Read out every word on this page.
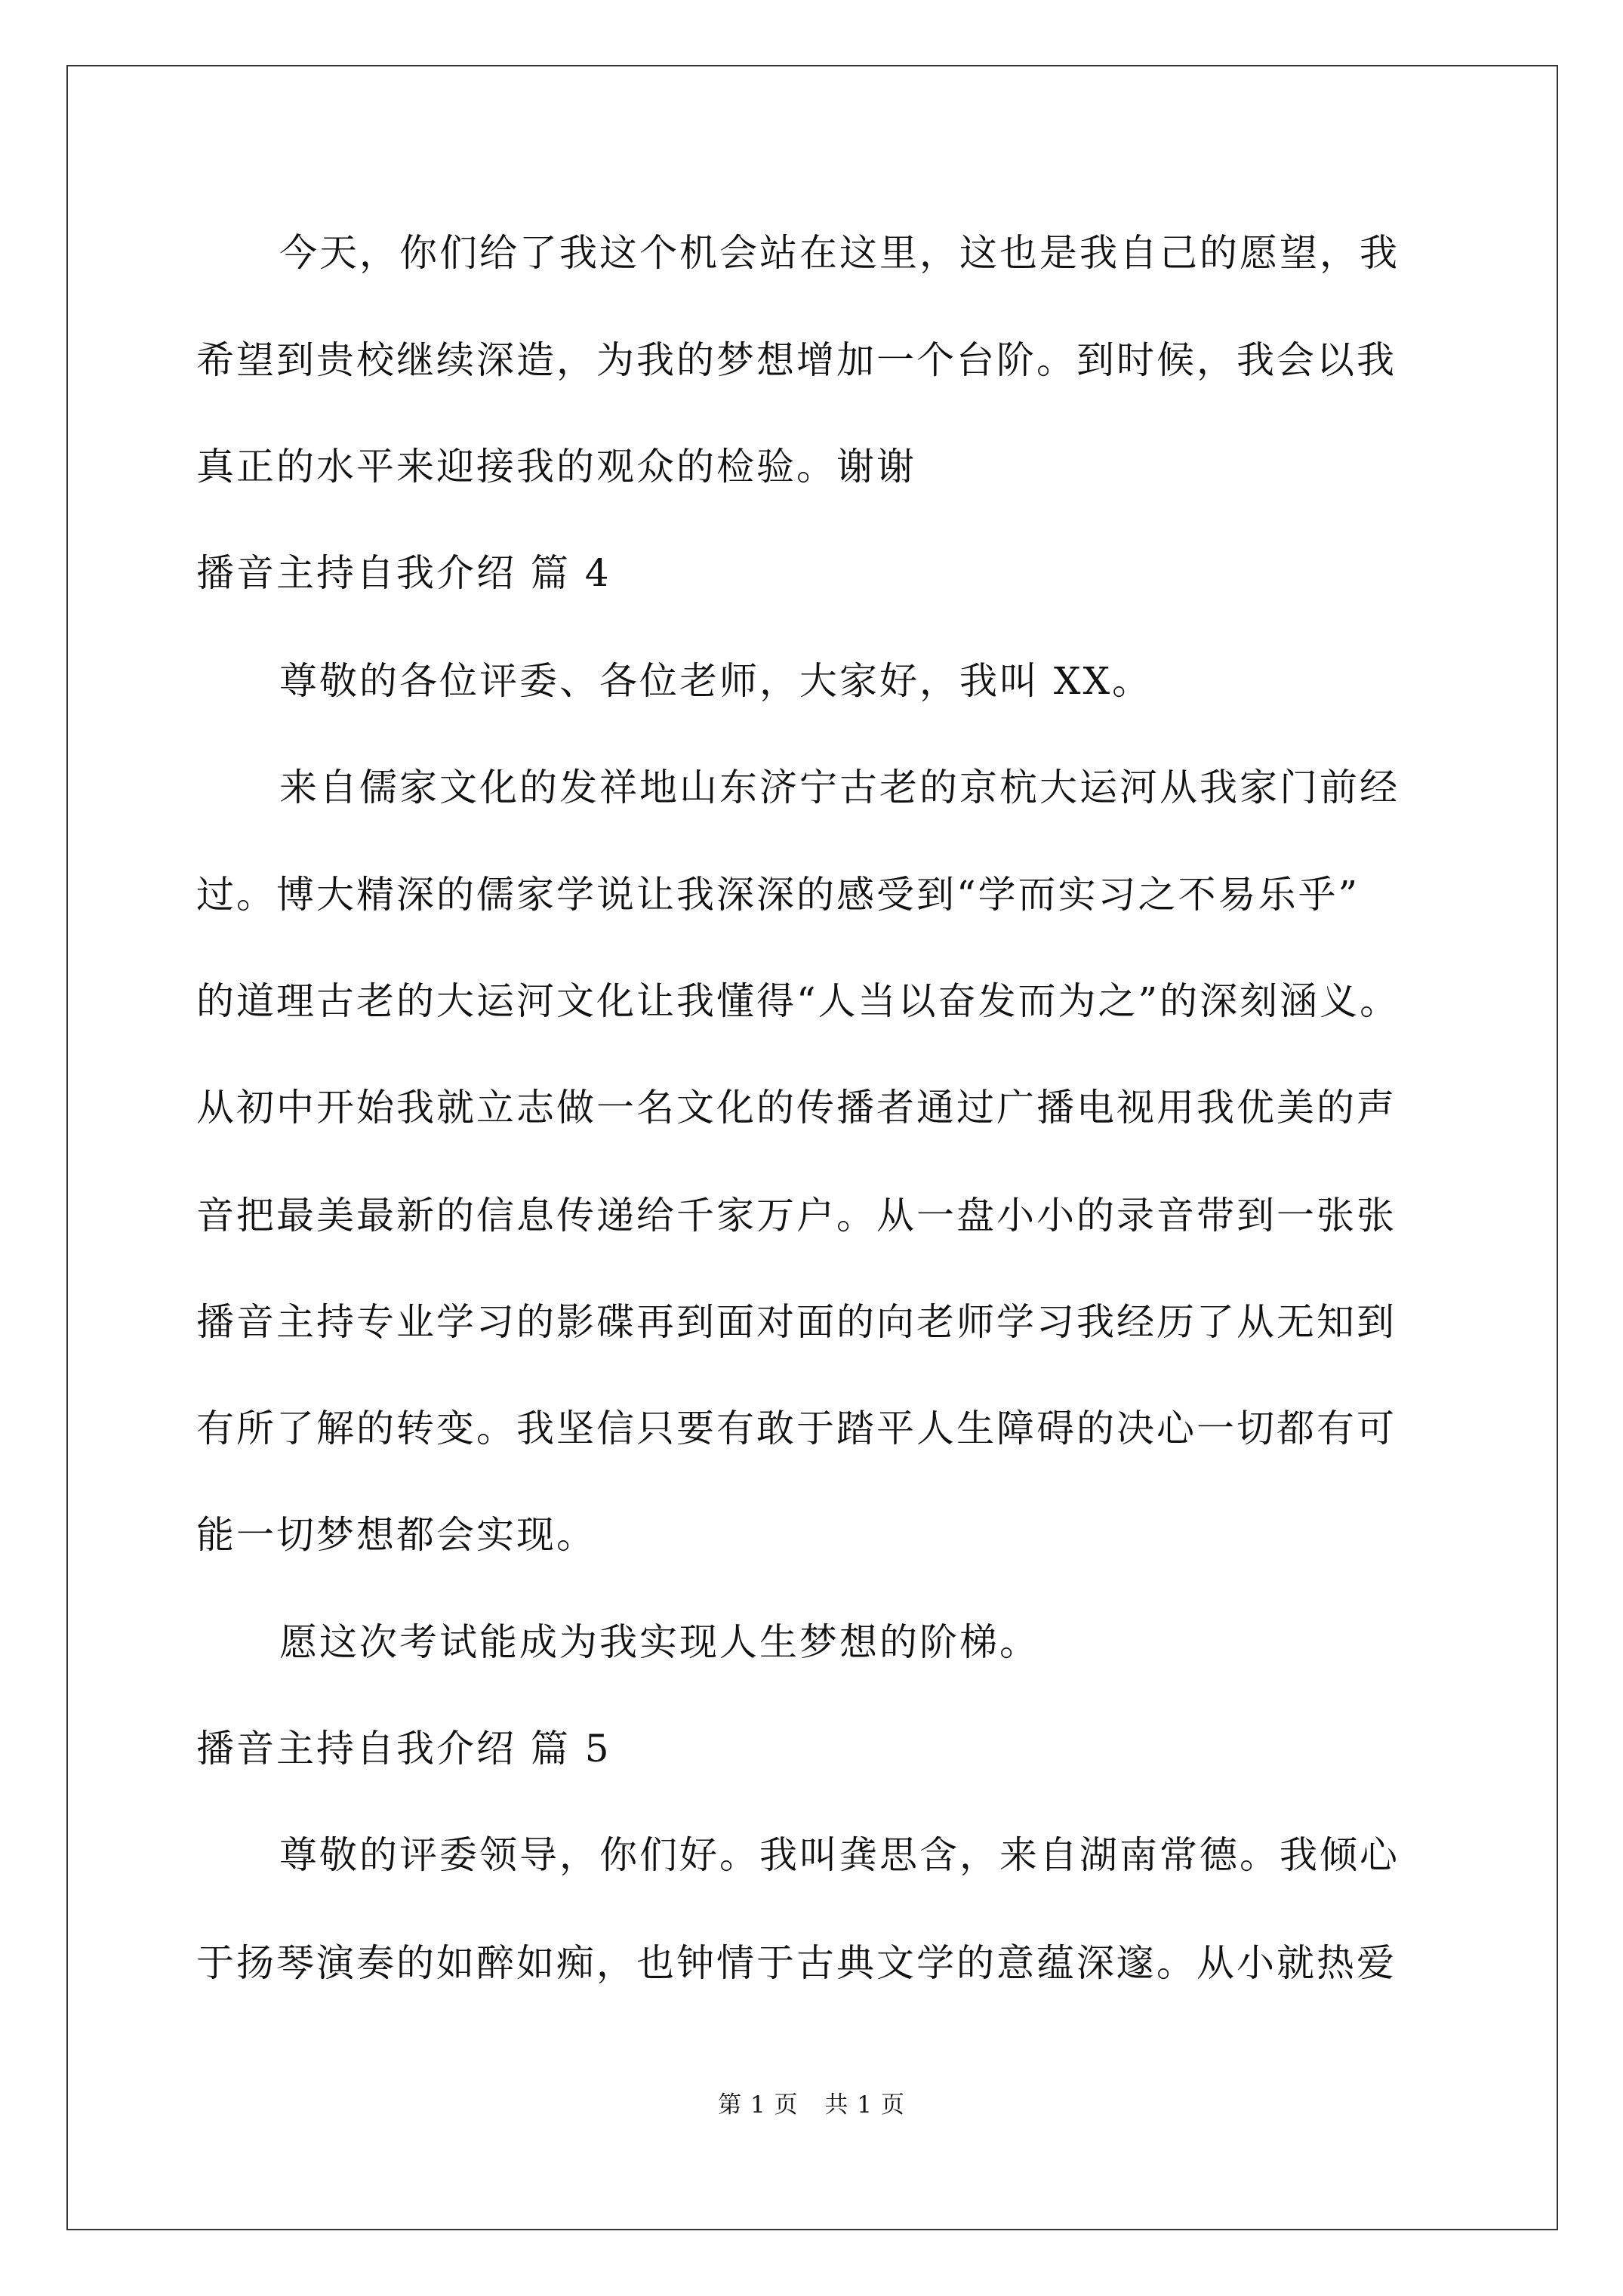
今天，你们给了我这个机会站在这里，这也是我自己的愿望，我
希望到贵校继续深造，为我的梦想增加一个台阶。到时候，我会以我
真正的水平来迎接我的观众的检验。谢谢
播音主持自我介绍 篇 4
尊敬的各位评委、各位老师，大家好，我叫 XX。
来自儒家文化的发祥地山东济宁古老的京杭大运河从我家门前经
过。博大精深的儒家学说让我深深的感受到“学而实习之不易乐乎”
的道理古老的大运河文化让我懂得“人当以奋发而为之”的深刻涵义。
从初中开始我就立志做一名文化的传播者通过广播电视用我优美的声
音把最美最新的信息传递给千家万户。从一盘小小的录音带到一张张
播音主持专业学习的影碟再到面对面的向老师学习我经历了从无知到
有所了解的转变。我坚信只要有敢于踏平人生障碍的决心一切都有可
能一切梦想都会实现。
愿这次考试能成为我实现人生梦想的阶梯。
播音主持自我介绍 篇 5
尊敬的评委领导，你们好。我叫龚思含，来自湖南常德。我倾心
于扬琴演奏的如醉如痴，也钟情于古典文学的意蕴深邃。从小就热爱
第 1 页 共 1 页
